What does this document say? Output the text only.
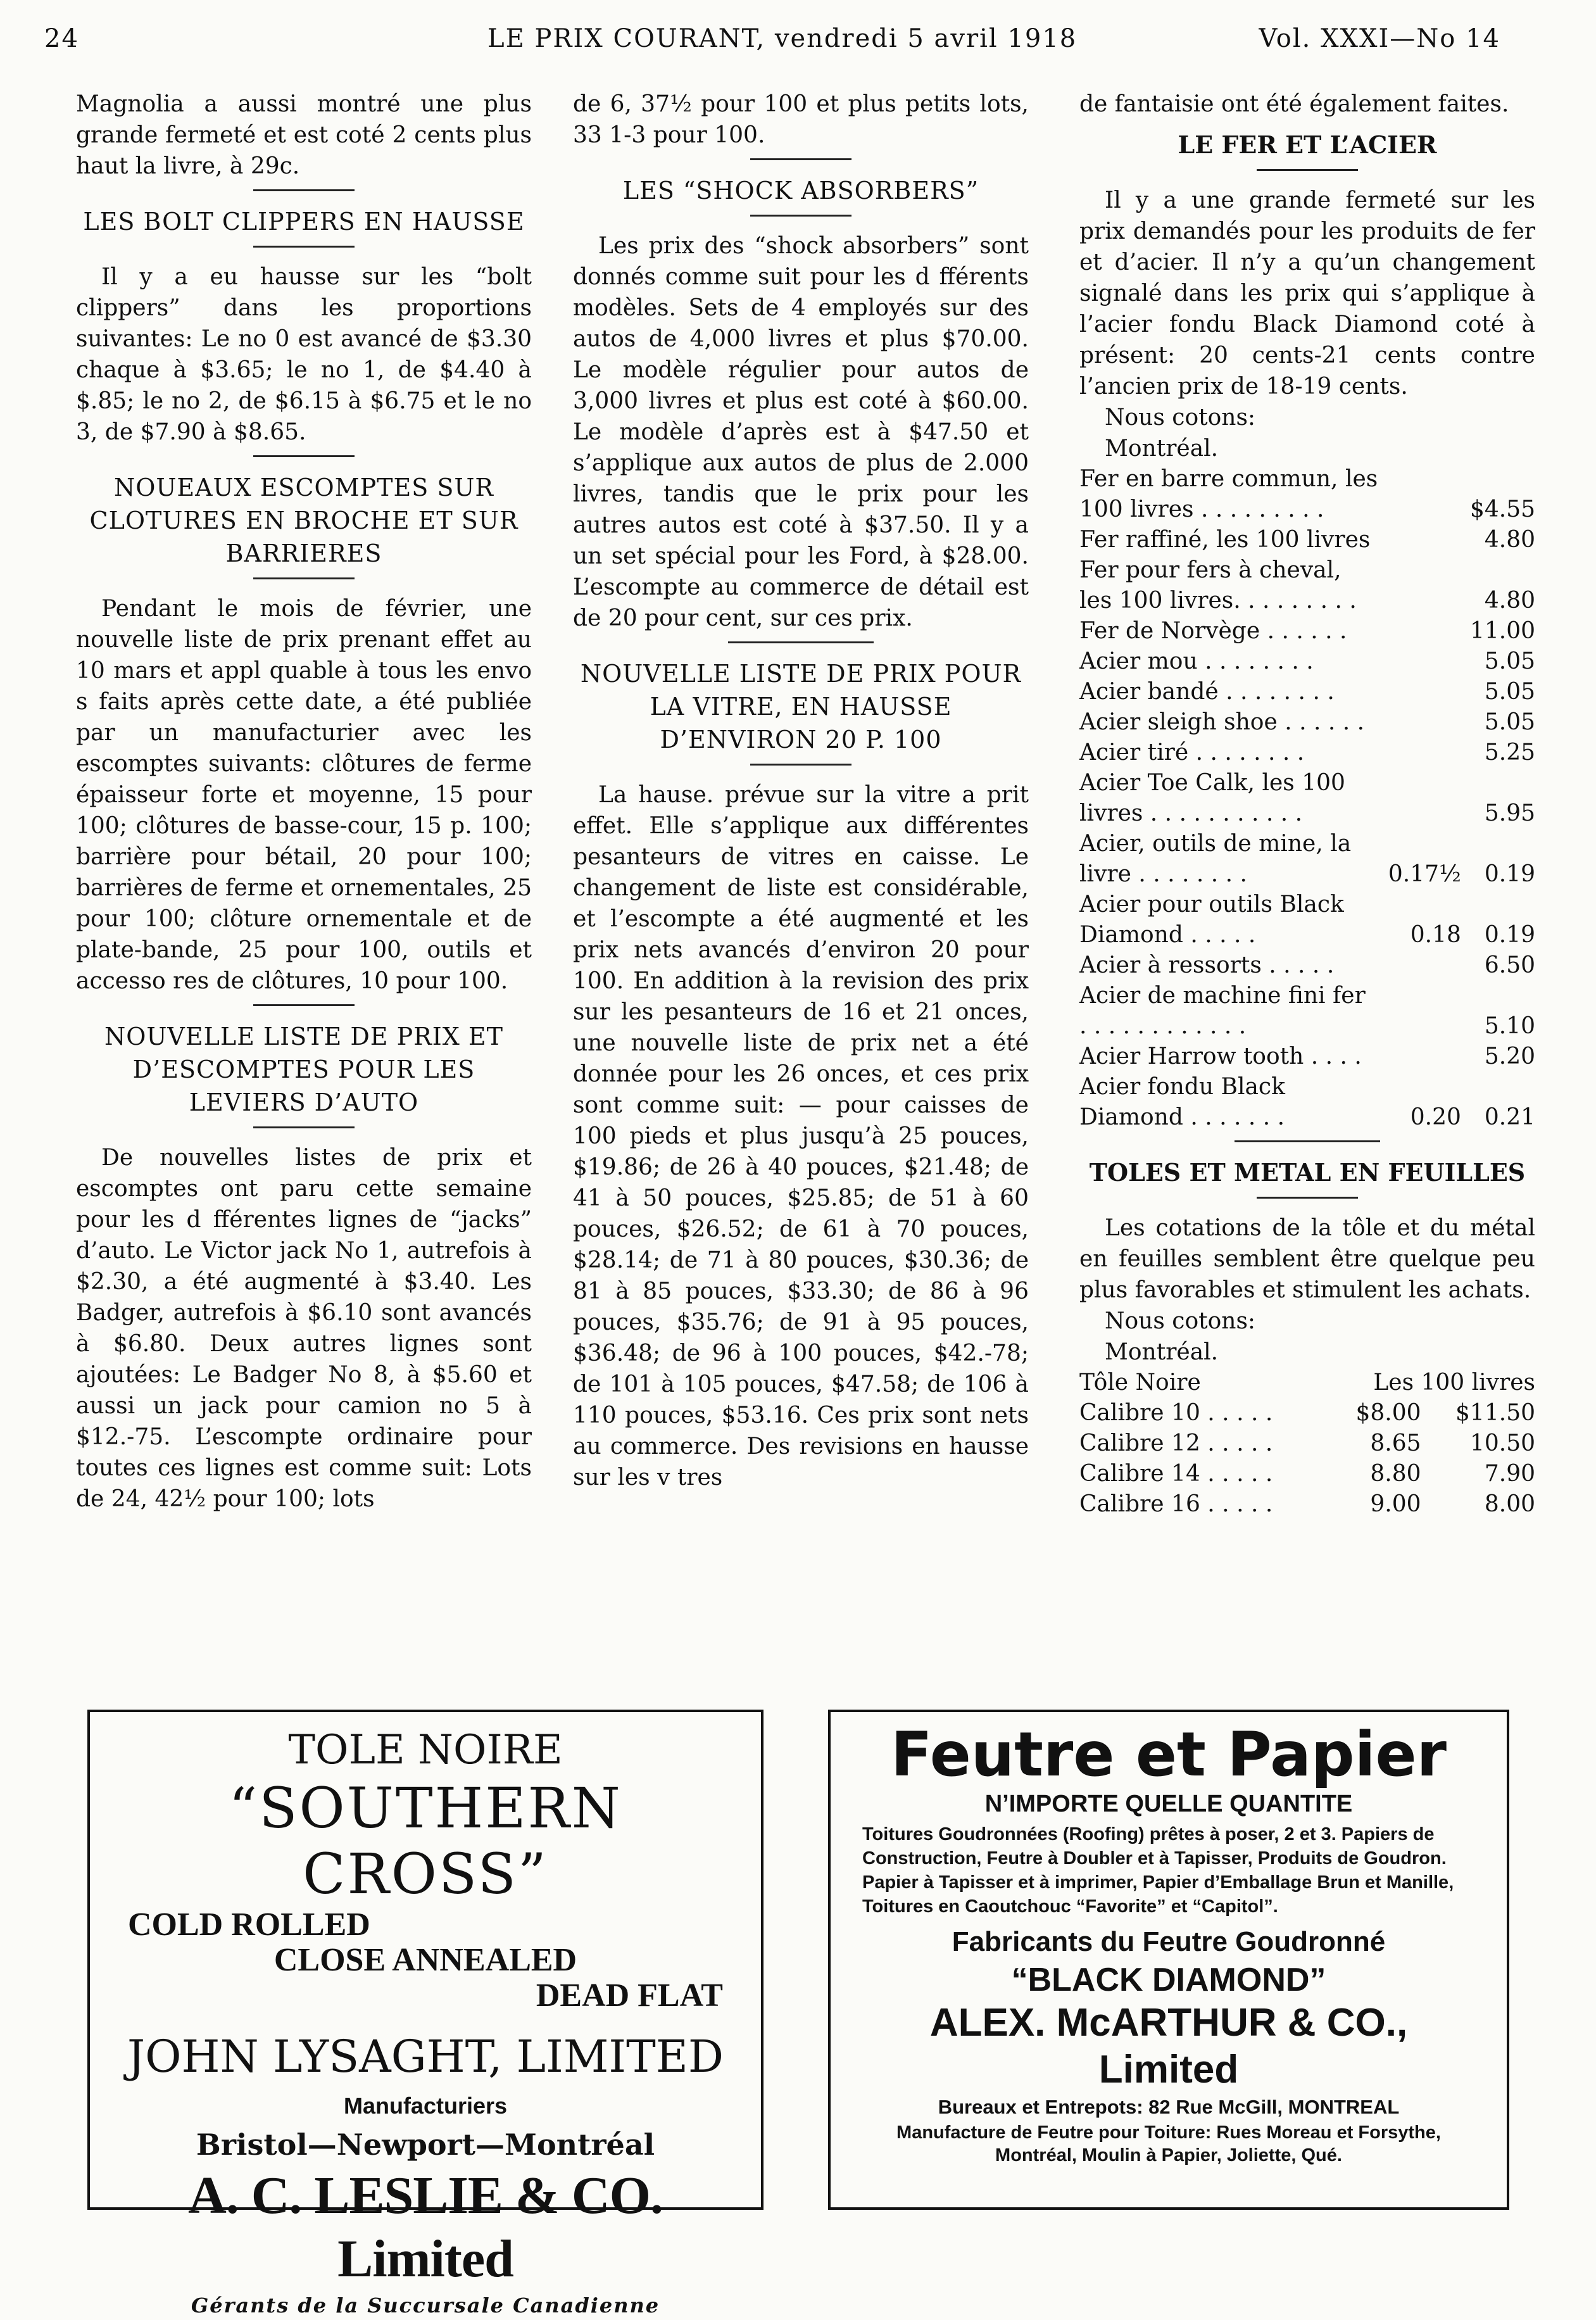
24	LE PRIX COURANT, vendredi 5 avril 1918	Vol. XXXI—No 14

Magnolia a aussi montré une plus grande fermeté et est coté 2 cents plus haut la livre, à 29c.

LES BOLT CLIPPERS EN HAUSSE

Il y a eu hausse sur les “bolt clippers” dans les proportions suivantes: Le no 0 est avancé de $3.30 chaque à $3.65; le no 1, de $4.40 à $.85; le no 2, de $6.15 à $6.75 et le no 3, de $7.90 à $8.65.

NOUEAUX ESCOMPTES SUR CLOTURES EN BROCHE ET SUR BARRIERES

Pendant le mois de février, une nouvelle liste de prix prenant effet au 10 mars et appl quable à tous les envo s faits après cette date, a été publiée par un manufacturier avec les escomptes suivants: clôtures de ferme épaisseur forte et moyenne, 15 pour 100; clôtures de basse-cour, 15 p. 100; barrière pour bétail, 20 pour 100; barrières de ferme et ornementales, 25 pour 100; clôture ornementale et de plate-bande, 25 pour 100, outils et accesso res de clôtures, 10 pour 100.

NOUVELLE LISTE DE PRIX ET D’ESCOMPTES POUR LES LEVIERS D’AUTO

De nouvelles listes de prix et escomptes ont paru cette semaine pour les d fférentes lignes de “jacks” d’auto. Le Victor jack No 1, autrefois à $2.30, a été augmenté à $3.40. Les Badger, autrefois à $6.10 sont avancés à $6.80. Deux autres lignes sont ajoutées: Le Badger No 8, à $5.60 et aussi un jack pour camion no 5 à $12.-75. L’escompte ordinaire pour toutes ces lignes est comme suit: Lots de 24, 42½ pour 100; lots

de 6, 37½ pour 100 et plus petits lots, 33 1-3 pour 100.

LES “SHOCK ABSORBERS”

Les prix des “shock absorbers” sont donnés comme suit pour les d fférents modèles. Sets de 4 employés sur des autos de 4,000 livres et plus $70.00. Le modèle régulier pour autos de 3,000 livres et plus est coté à $60.00. Le modèle d’après est à $47.50 et s’applique aux autos de plus de 2.000 livres, tandis que le prix pour les autres autos est coté à $37.50. Il y a un set spécial pour les Ford, à $28.00. L’escompte au commerce de détail est de 20 pour cent, sur ces prix.

NOUVELLE LISTE DE PRIX POUR LA VITRE, EN HAUSSE D’ENVIRON 20 P. 100

La hause. prévue sur la vitre a prit effet. Elle s’applique aux différentes pesanteurs de vitres en caisse. Le changement de liste est considérable, et l’escompte a été augmenté et les prix nets avancés d’environ 20 pour 100. En addition à la revision des prix sur les pesanteurs de 16 et 21 onces, une nouvelle liste de prix net a été donnée pour les 26 onces, et ces prix sont comme suit: — pour caisses de 100 pieds et plus jusqu’à 25 pouces, $19.86; de 26 à 40 pouces, $21.48; de 41 à 50 pouces, $25.85; de 51 à 60 pouces, $26.52; de 61 à 70 pouces, $28.14; de 71 à 80 pouces, $30.36; de 81 à 85 pouces, $33.30; de 86 à 96 pouces, $35.76; de 91 à 95 pouces, $36.48; de 96 à 100 pouces, $42.-78; de 101 à 105 pouces, $47.58; de 106 à 110 pouces, $53.16. Ces prix sont nets au commerce. Des revisions en hausse sur les v tres

de fantaisie ont été également faites.

LE FER ET L’ACIER

Il y a une grande fermeté sur les prix demandés pour les produits de fer et d’acier. Il n’y a qu’un changement signalé dans les prix qui s’applique à l’acier fondu Black Diamond coté à présent: 20 cents-21 cents contre l’ancien prix de 18-19 cents.

Nous cotons:

Montréal.

Fer en barre commun, les 100 livres . . . . . . . . .		$4.55
Fer raffiné, les 100 livres		4.80
Fer pour fers à cheval, les 100 livres. . . . . . . . .		4.80
Fer de Norvège . . . . . .		11.00
Acier mou . . . . . . . .		5.05
Acier bandé . . . . . . . .		5.05
Acier sleigh shoe . . . . . .		5.05
Acier tiré . . . . . . . .		5.25
Acier Toe Calk, les 100 livres . . . . . . . . . . .		5.95
Acier, outils de mine, la livre . . . . . . . .	0.17½	0.19
Acier pour outils Black Diamond . . . . .	0.18	0.19
Acier à ressorts . . . . .		6.50
Acier de machine fini fer . . . . . . . . . . . .		5.10
Acier Harrow tooth . . . .		5.20
Acier fondu Black Diamond . . . . . . .	0.20	0.21
TOLES ET METAL EN FEUILLES

Les cotations de la tôle et du métal en feuilles semblent être quelque peu plus favorables et stimulent les achats.

Nous cotons:

Montréal.

Tôle Noire	Les 100 livres	
Calibre 10 . . . . .	$8.00	$11.50
Calibre 12 . . . . .	8.65	10.50
Calibre 14 . . . . .	8.80	7.90
Calibre 16 . . . . .	9.00	8.00
TOLE NOIRE
“SOUTHERN CROSS”
COLD ROLLED
CLOSE ANNEALED
DEAD FLAT
JOHN LYSAGHT, LIMITED
Manufacturiers
Bristol—Newport—Montréal
A. C. LESLIE & CO. Limited
Gérants de la Succursale Canadienne
Feutre et Papier
N’IMPORTE QUELLE QUANTITE
Toitures Goudronnées (Roofing) prêtes à poser, 2 et 3. Papiers de Construction, Feutre à Doubler et à Tapisser, Produits de Goudron. Papier à Tapisser et à imprimer, Papier d’Emballage Brun et Manille, Toitures en Caoutchouc “Favorite” et “Capitol”.
Fabricants du Feutre Goudronné
“BLACK DIAMOND”
ALEX. McARTHUR & CO., Limited
Bureaux et Entrepots: 82 Rue McGill, MONTREAL
Manufacture de Feutre pour Toiture: Rues Moreau et Forsythe, Montréal, Moulin à Papier, Joliette, Qué.
